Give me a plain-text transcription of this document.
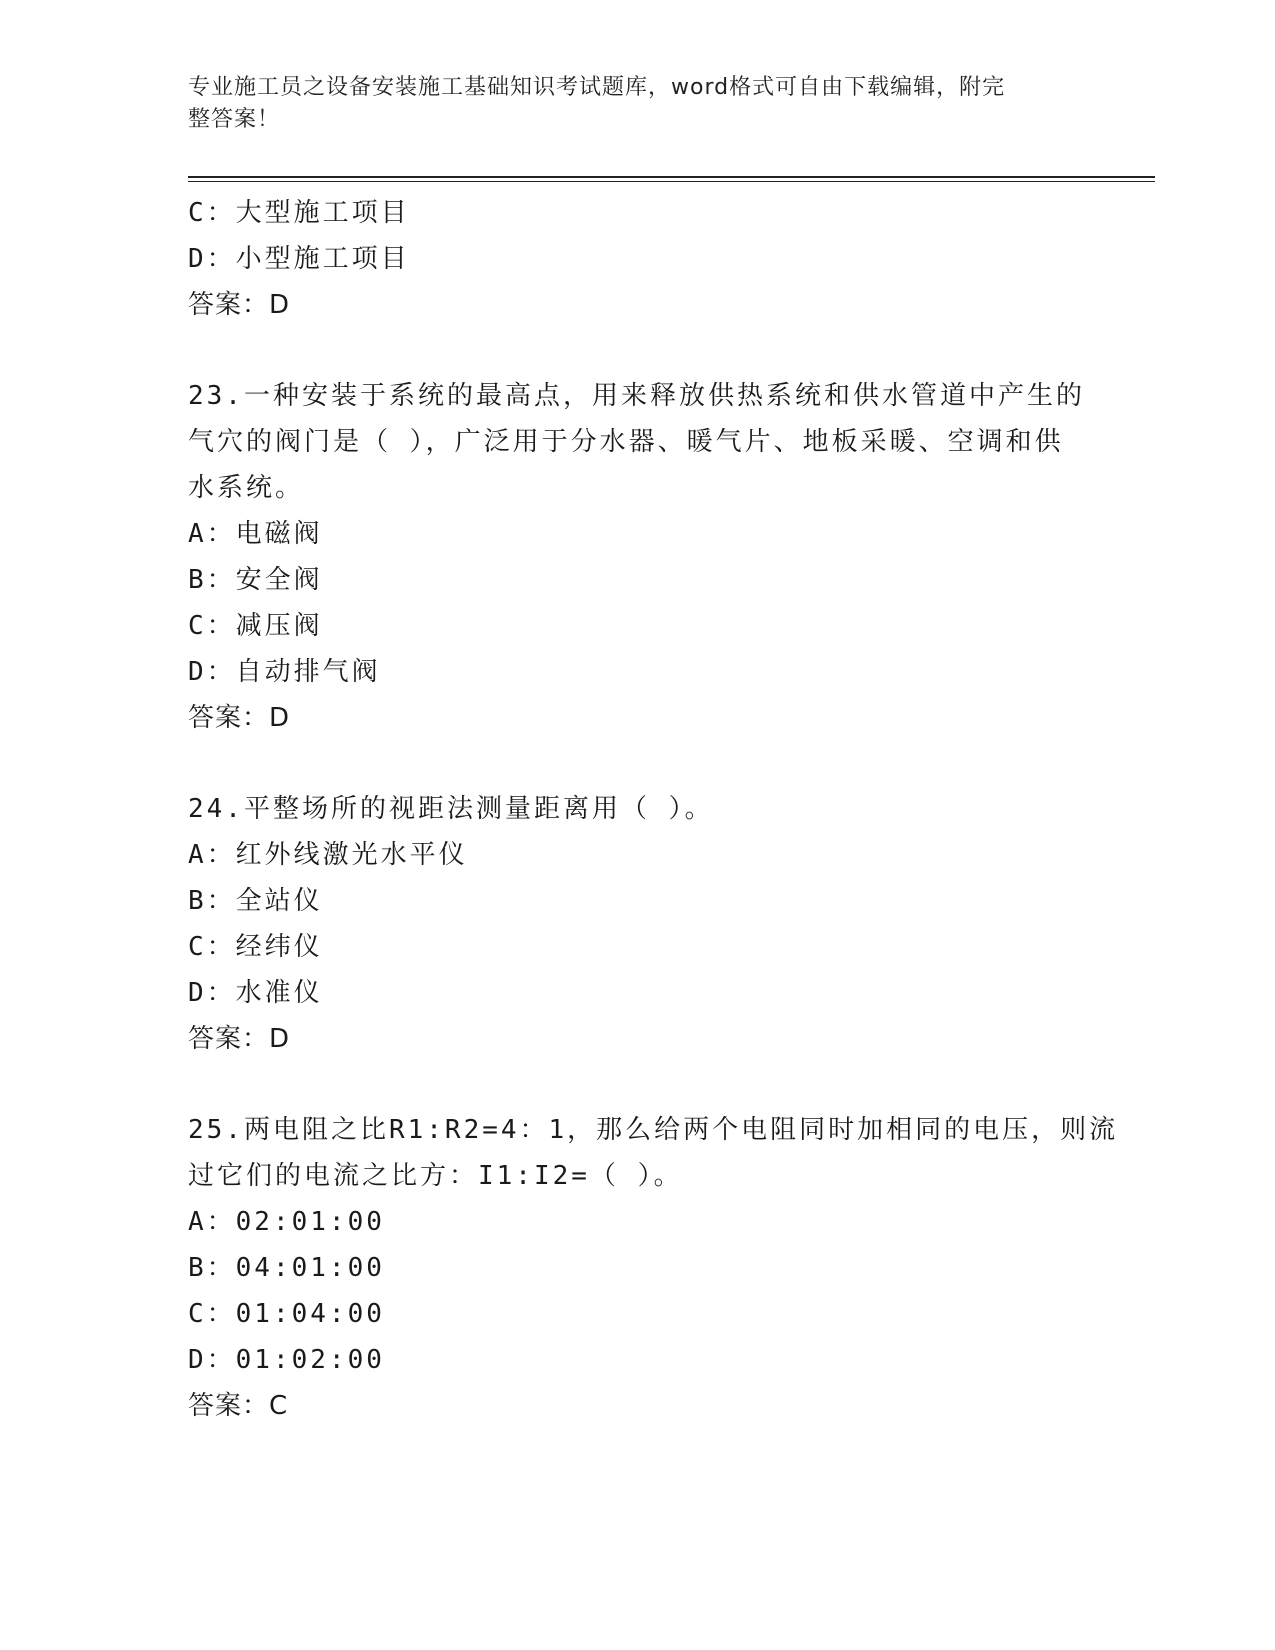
专业施工员之设备安装施工基础知识考试题库，word格式可自由下载编辑，附完
整答案！
C：大型施工项目
D：小型施工项目
答案：D
23.一种安装于系统的最高点，用来释放供热系统和供水管道中产生的
气穴的阀门是（ ），广泛用于分水器、暖气片、地板采暖、空调和供
水系统。
A：电磁阀
B：安全阀
C：减压阀
D：自动排气阀
答案：D
24.平整场所的视距法测量距离用（ ）。
A：红外线激光水平仪
B：全站仪
C：经纬仪
D：水准仪
答案：D
25.两电阻之比R1:R2=4：1，那么给两个电阻同时加相同的电压，则流
过它们的电流之比方：I1:I2=（ ）。
A：02:01:00
B：04:01:00
C：01:04:00
D：01:02:00
答案：C
